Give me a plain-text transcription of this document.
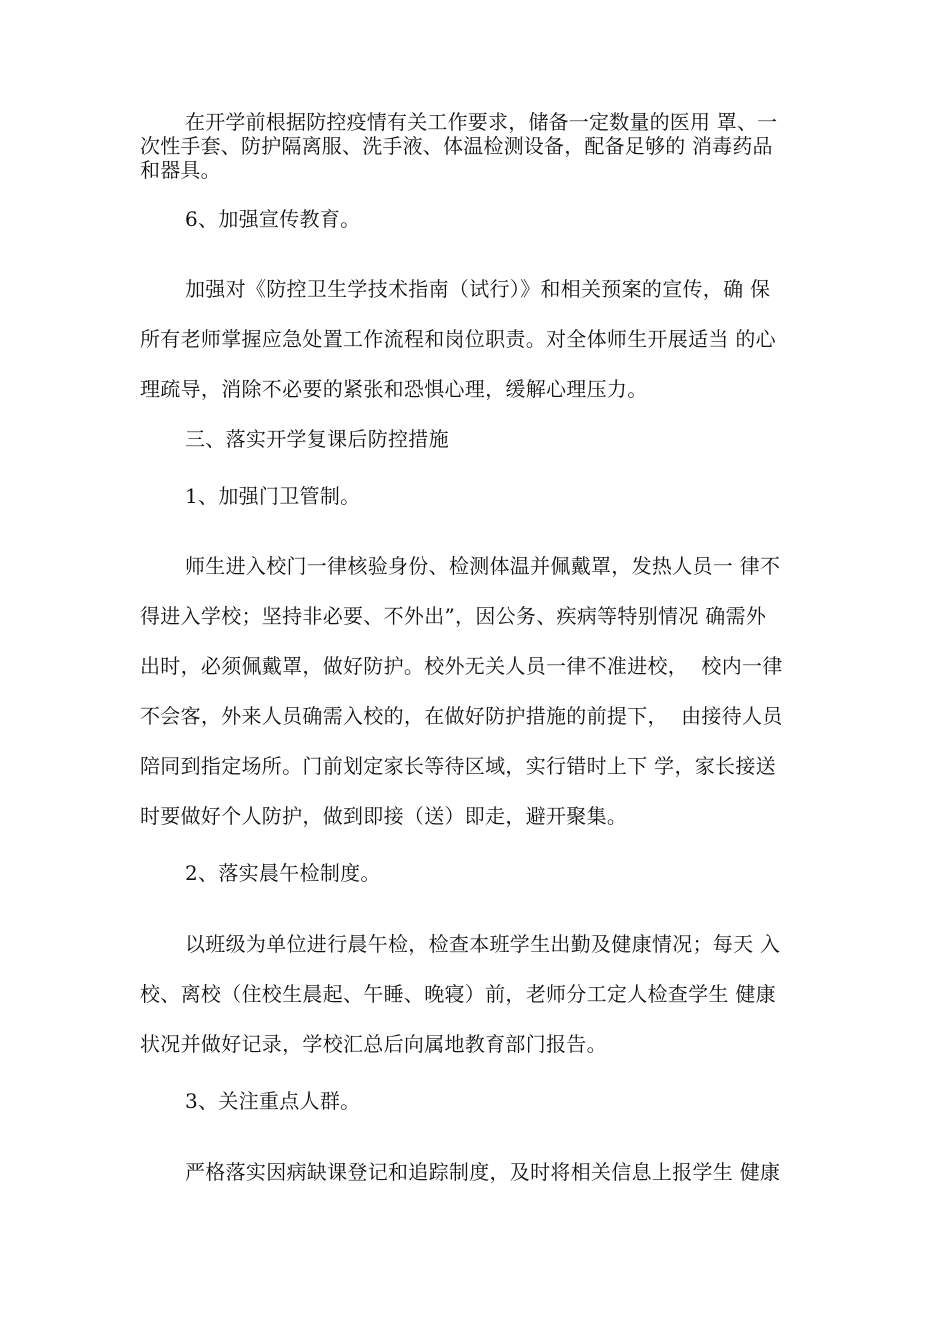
在开学前根据防控疫情有关工作要求，储备一定数量的医用 罩、一
次性手套、防护隔离服、洗手液、体温检测设备，配备足够的 消毒药品
和器具。
6、加强宣传教育。
加强对《防控卫生学技术指南（试行）》和相关预案的宣传，确 保
所有老师掌握应急处置工作流程和岗位职责。对全体师生开展适当 的心
理疏导，消除不必要的紧张和恐惧心理，缓解心理压力。
三、落实开学复课后防控措施
1、加强门卫管制。
师生进入校门一律核验身份、检测体温并佩戴罩，发热人员一 律不
得进入学校；坚持非必要、不外出”，因公务、疾病等特别情况 确需外
出时，必须佩戴罩，做好防护。校外无关人员一律不准进校，  校内一律
不会客，外来人员确需入校的，在做好防护措施的前提下，  由接待人员
陪同到指定场所。门前划定家长等待区域，实行错时上下 学，家长接送
时要做好个人防护，做到即接（送）即走，避开聚集。
2、落实晨午检制度。
以班级为单位进行晨午检，检查本班学生出勤及健康情况；每天 入
校、离校（住校生晨起、午睡、晚寝）前，老师分工定人检查学生 健康
状况并做好记录，学校汇总后向属地教育部门报告。
3、关注重点人群。
严格落实因病缺课登记和追踪制度，及时将相关信息上报学生 健康
